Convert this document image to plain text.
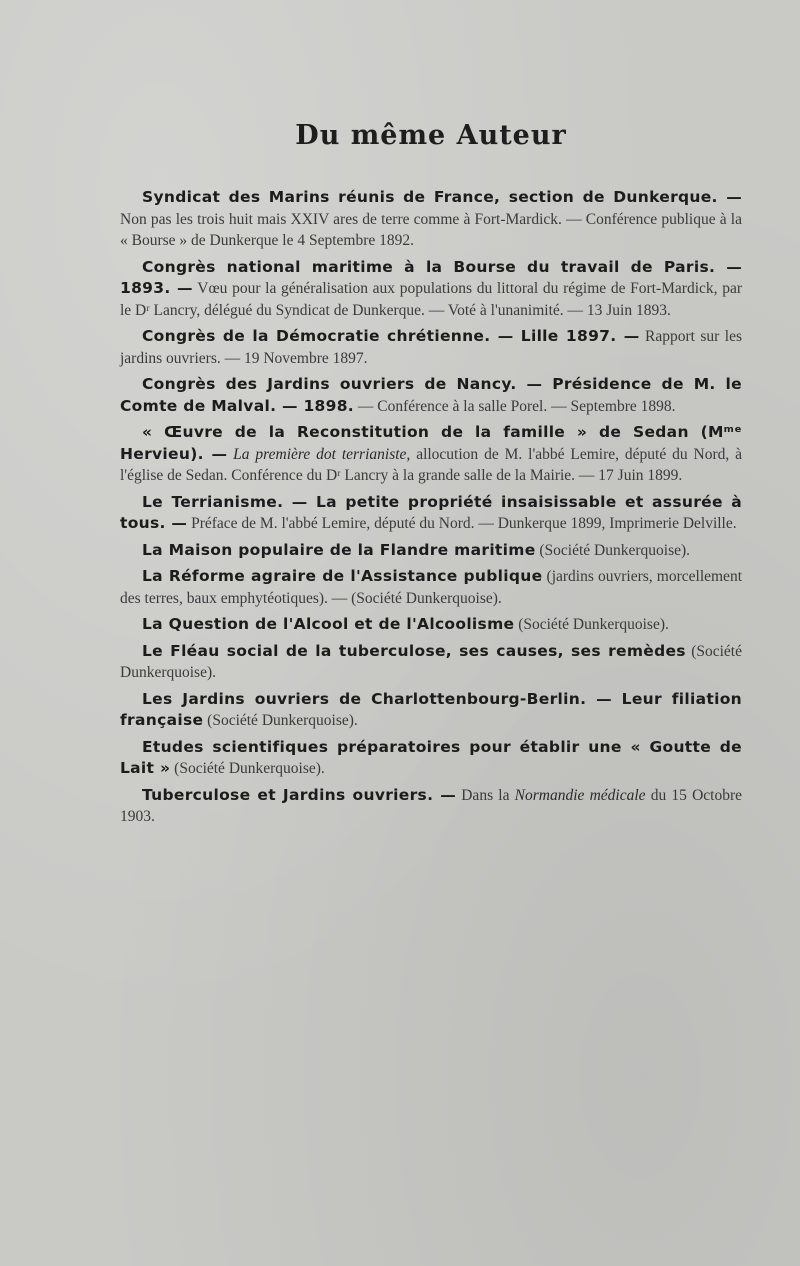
Du même Auteur

Syndicat des Marins réunis de France, section de Dunkerque. — Non pas les trois huit mais XXIV ares de terre comme à Fort-Mardick. — Conférence publique à la « Bourse » de Dunkerque le 4 Septembre 1892.

Congrès national maritime à la Bourse du travail de Paris. — 1893. — Vœu pour la généralisation aux populations du littoral du régime de Fort-Mardick, par le Dʳ Lancry, délégué du Syndicat de Dunkerque. — Voté à l'unanimité. — 13 Juin 1893.

Congrès de la Démocratie chrétienne. — Lille 1897. — Rapport sur les jardins ouvriers. — 19 Novembre 1897.

Congrès des Jardins ouvriers de Nancy. — Présidence de M. le Comte de Malval. — 1898. — Conférence à la salle Porel. — Septembre 1898.

« Œuvre de la Reconstitution de la famille » de Sedan (Mᵐᵉ Hervieu). — La première dot terrianiste, allocution de M. l'abbé Lemire, député du Nord, à l'église de Sedan. Conférence du Dʳ Lancry à la grande salle de la Mairie. — 17 Juin 1899.

Le Terrianisme. — La petite propriété insaisissable et assurée à tous. — Préface de M. l'abbé Lemire, député du Nord. — Dunkerque 1899, Imprimerie Delville.

La Maison populaire de la Flandre maritime (Société Dunkerquoise).

La Réforme agraire de l'Assistance publique (jardins ouvriers, morcellement des terres, baux emphytéotiques). — (Société Dunkerquoise).

La Question de l'Alcool et de l'Alcoolisme (Société Dunkerquoise).

Le Fléau social de la tuberculose, ses causes, ses remèdes (Société Dunkerquoise).

Les Jardins ouvriers de Charlottenbourg-Berlin. — Leur filiation française (Société Dunkerquoise).

Etudes scientifiques préparatoires pour établir une « Goutte de Lait » (Société Dunkerquoise).

Tuberculose et Jardins ouvriers. — Dans la Normandie médicale du 15 Octobre 1903.
